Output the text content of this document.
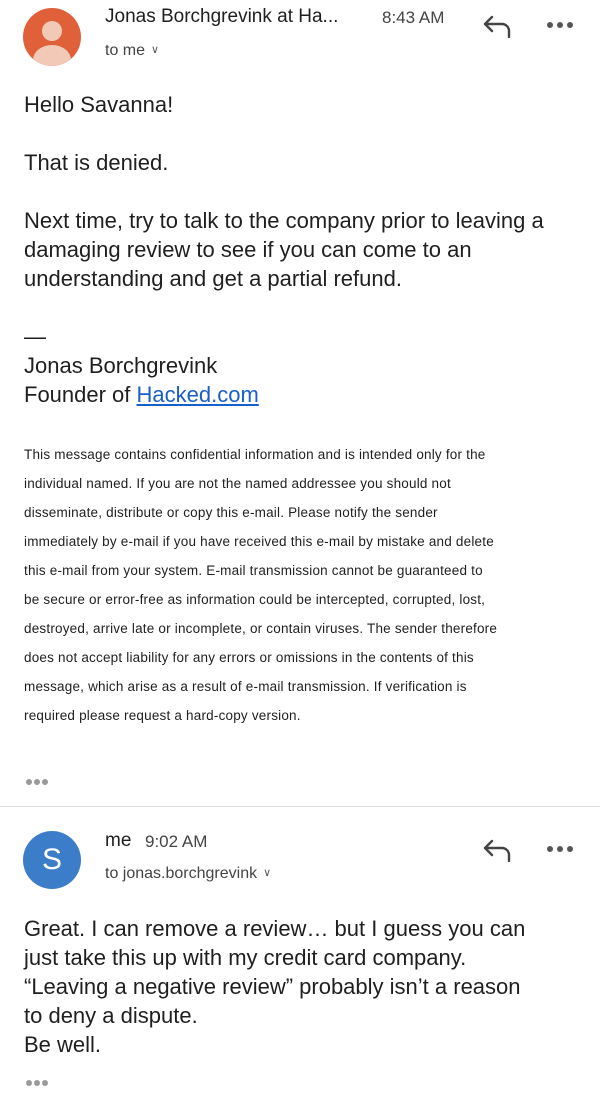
Jonas Borchgrevink at Ha...	8:43 AM
to me ∨

Hello Savanna!

That is denied.

Next time, try to talk to the company prior to leaving a damaging review to see if you can come to an understanding and get a partial refund.

—

Jonas Borchgrevink

Founder of Hacked.com

This message contains confidential information and is intended only for the
individual named. If you are not the named addressee you should not
disseminate, distribute or copy this e-mail. Please notify the sender
immediately by e-mail if you have received this e-mail by mistake and delete
this e-mail from your system. E-mail transmission cannot be guaranteed to
be secure or error-free as information could be intercepted, corrupted, lost,
destroyed, arrive late or incomplete, or contain viruses. The sender therefore
does not accept liability for any errors or omissions in the contents of this
message, which arise as a result of e-mail transmission. If verification is
required please request a hard-copy version.
S
me 9:02 AM
to jonas.borchgrevink ∨
Great. I can remove a review… but I guess you can
just take this up with my credit card company.
“Leaving a negative review” probably isn’t a reason
to deny a dispute.
Be well.
